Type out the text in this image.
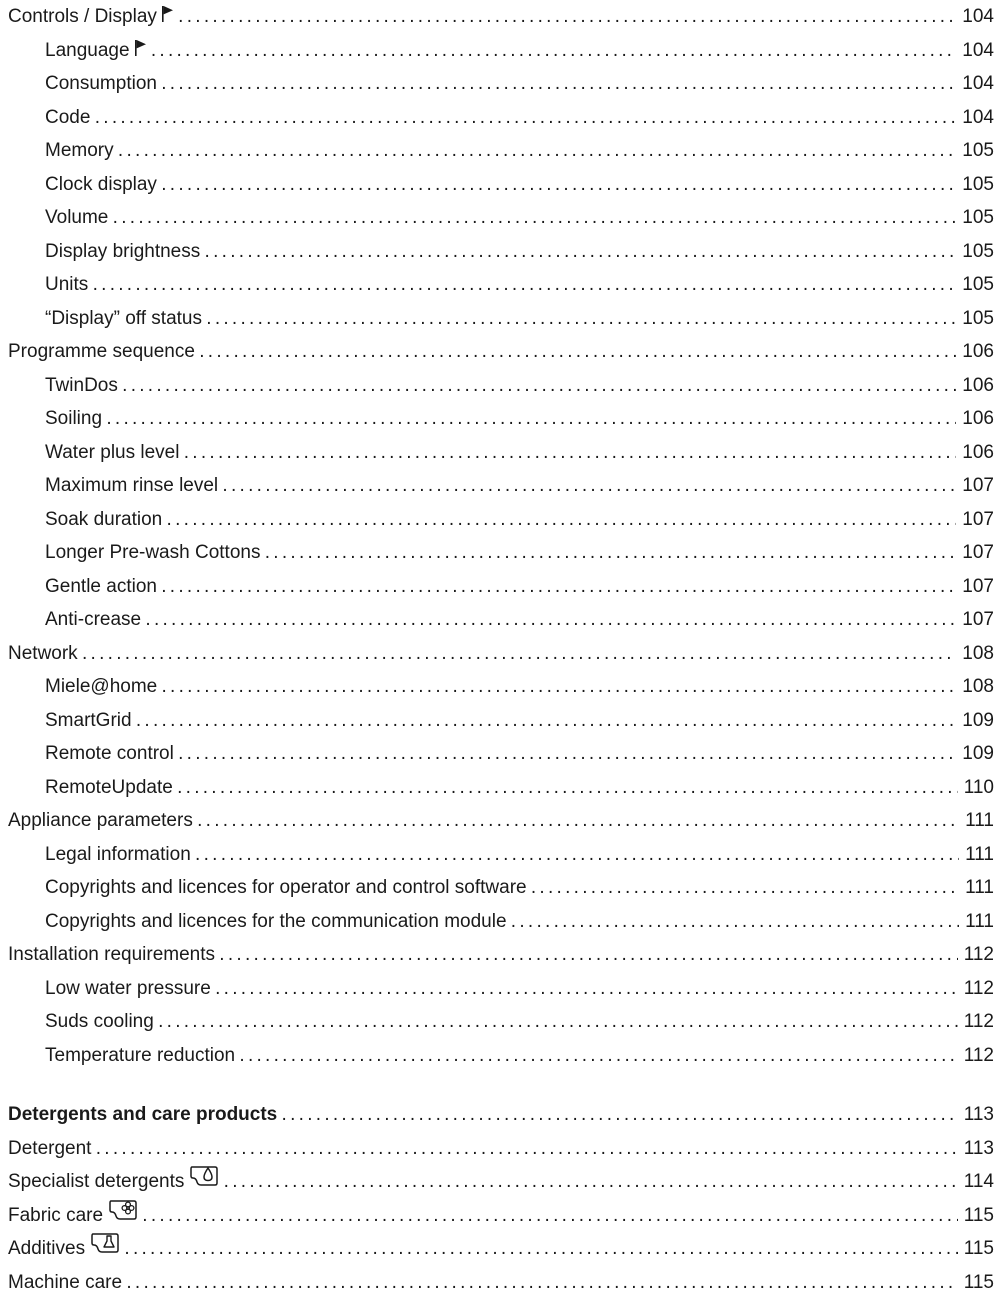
Controls / Display . . .	104
Language . . .	104
Consumption . . .	104
Code . . .	104
Memory . . .	105
Clock display . . .	105
Volume . . .	105
Display brightness . . .	105
Units . . .	105
“Display” off status . . .	105
Programme sequence . . .	106
TwinDos . . .	106
Soiling . . .	106
Water plus level . . .	106
Maximum rinse level . . .	107
Soak duration . . .	107
Longer Pre-wash Cottons . . .	107
Gentle action . . .	107
Anti-crease . . .	107
Network . . .	108
Miele@home . . .	108
SmartGrid . . .	109
Remote control . . .	109
RemoteUpdate . . .	110
Appliance parameters . . .	111
Legal information . . .	111
Copyrights and licences for operator and control software . . .	111
Copyrights and licences for the communication module . . .	111
Installation requirements . . .	112
Low water pressure . . .	112
Suds cooling . . .	112
Temperature reduction . . .	112
Detergents and care products . . .	113
Detergent . . .	113
Specialist detergents . . .	114
Fabric care . . .	115
Additives . . .	115
Machine care . . .	115
